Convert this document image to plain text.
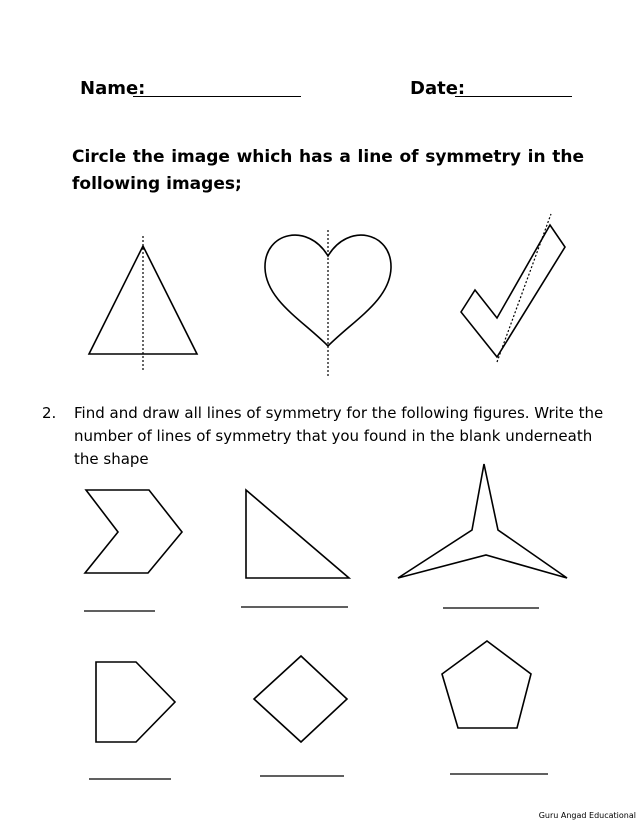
Name:	Date:
Circle the image which has a line of symmetry in the following images;
2. Find and draw all lines of symmetry for the following figures. Write the number of lines of symmetry that you found in the blank underneath the shape
Guru Angad Educational
